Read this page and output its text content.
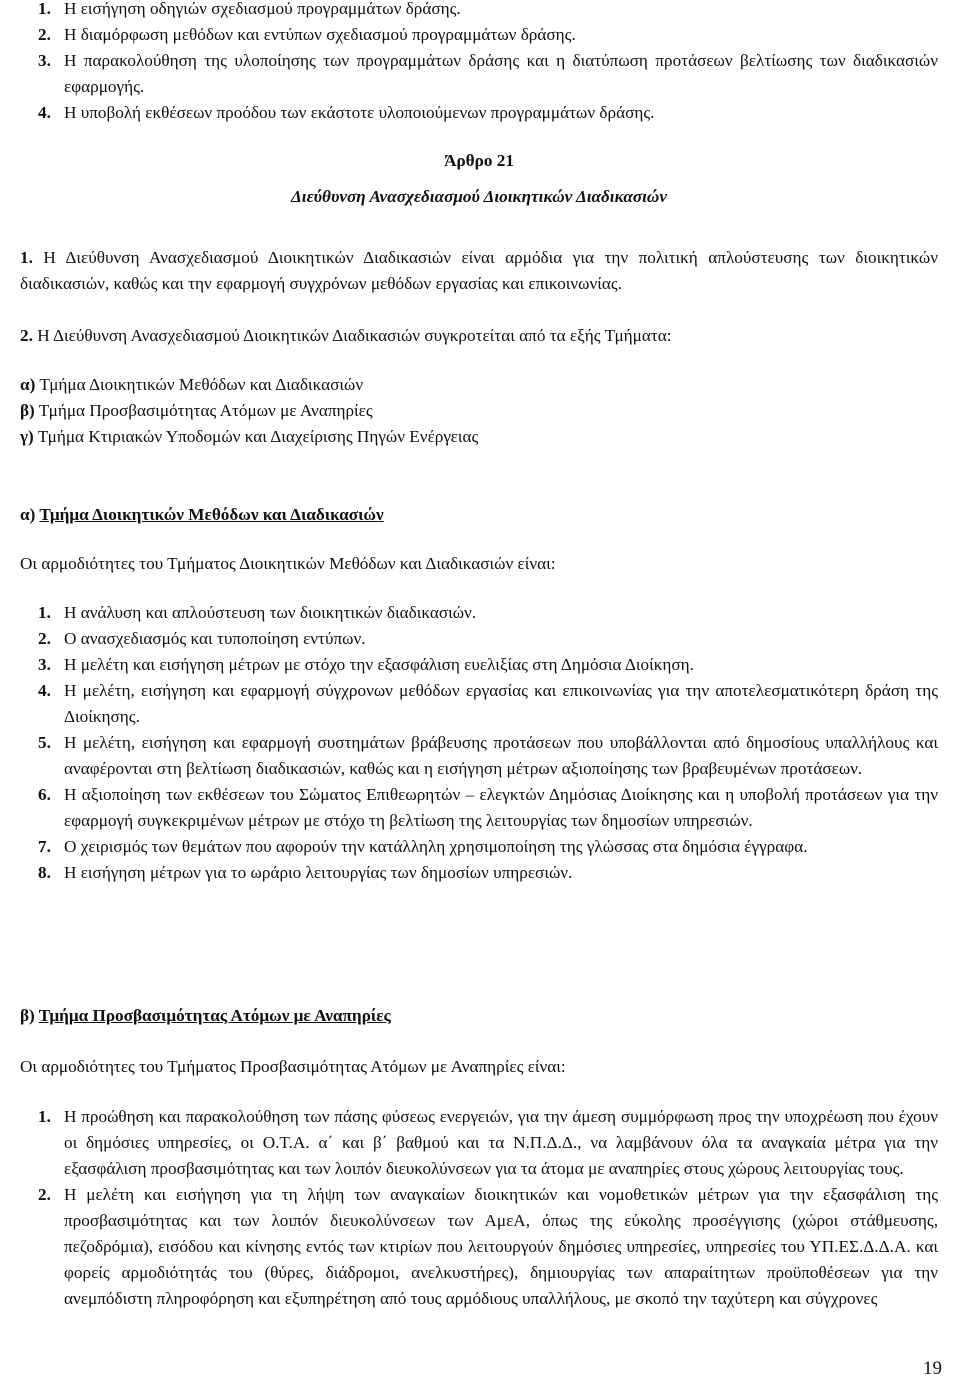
1. Η εισήγηση οδηγιών σχεδιασμού προγραμμάτων δράσης.
2. Η διαμόρφωση μεθόδων και εντύπων σχεδιασμού προγραμμάτων δράσης.
3. Η παρακολούθηση της υλοποίησης των προγραμμάτων δράσης και η διατύπωση προτάσεων βελτίωσης των διαδικασιών εφαρμογής.
4. Η υποβολή εκθέσεων προόδου των εκάστοτε υλοποιούμενων προγραμμάτων δράσης.
Άρθρο 21
Διεύθυνση Ανασχεδιασμού Διοικητικών Διαδικασιών
1. Η Διεύθυνση Ανασχεδιασμού Διοικητικών Διαδικασιών είναι αρμόδια για την πολιτική απλούστευσης των διοικητικών διαδικασιών, καθώς και την εφαρμογή συγχρόνων μεθόδων εργασίας και επικοινωνίας.
2. Η Διεύθυνση Ανασχεδιασμού Διοικητικών Διαδικασιών συγκροτείται από τα εξής Τμήματα:
α) Τμήμα Διοικητικών Μεθόδων και Διαδικασιών
β) Τμήμα Προσβασιμότητας Ατόμων με Αναπηρίες
γ) Τμήμα Κτιριακών Υποδομών και Διαχείρισης Πηγών Ενέργειας
α) Τμήμα Διοικητικών Μεθόδων και Διαδικασιών
Οι αρμοδιότητες του Τμήματος Διοικητικών Μεθόδων και Διαδικασιών είναι:
1. Η ανάλυση και απλούστευση των διοικητικών διαδικασιών.
2. Ο ανασχεδιασμός και τυποποίηση εντύπων.
3. Η μελέτη και εισήγηση μέτρων με στόχο την εξασφάλιση ευελιξίας στη Δημόσια Διοίκηση.
4. Η μελέτη, εισήγηση και εφαρμογή σύγχρονων μεθόδων εργασίας και επικοινωνίας για την αποτελεσματικότερη δράση της Διοίκησης.
5. Η μελέτη, εισήγηση και εφαρμογή συστημάτων βράβευσης προτάσεων που υποβάλλονται από δημοσίους υπαλλήλους και αναφέρονται στη βελτίωση διαδικασιών, καθώς και η εισήγηση μέτρων αξιοποίησης των βραβευμένων προτάσεων.
6. Η αξιοποίηση των εκθέσεων του Σώματος Επιθεωρητών – ελεγκτών Δημόσιας Διοίκησης και η υποβολή προτάσεων για την εφαρμογή συγκεκριμένων μέτρων με στόχο τη βελτίωση της λειτουργίας των δημοσίων υπηρεσιών.
7. Ο χειρισμός των θεμάτων που αφορούν την κατάλληλη χρησιμοποίηση της γλώσσας στα δημόσια έγγραφα.
8. Η εισήγηση μέτρων για το ωράριο λειτουργίας των δημοσίων υπηρεσιών.
β) Τμήμα Προσβασιμότητας Ατόμων με Αναπηρίες
Οι αρμοδιότητες του Τμήματος Προσβασιμότητας Ατόμων με Αναπηρίες είναι:
1. Η προώθηση και παρακολούθηση των πάσης φύσεως ενεργειών, για την άμεση συμμόρφωση προς την υποχρέωση που έχουν οι δημόσιες υπηρεσίες, οι Ο.Τ.Α. α΄ και β΄ βαθμού και τα Ν.Π.Δ.Δ., να λαμβάνουν όλα τα αναγκαία μέτρα για την εξασφάλιση προσβασιμότητας και των λοιπόν διευκολύνσεων για τα άτομα με αναπηρίες στους χώρους λειτουργίας τους.
2. Η μελέτη και εισήγηση για τη λήψη των αναγκαίων διοικητικών και νομοθετικών μέτρων για την εξασφάλιση της προσβασιμότητας και των λοιπόν διευκολύνσεων των ΑμεΑ, όπως της εύκολης προσέγγισης (χώροι στάθμευσης, πεζοδρόμια), εισόδου και κίνησης εντός των κτιρίων που λειτουργούν δημόσιες υπηρεσίες, υπηρεσίες του ΥΠ.ΕΣ.Δ.Δ.Α. και φορείς αρμοδιότητάς του (θύρες, διάδρομοι, ανελκυστήρες), δημιουργίας των απαραίτητων προϋποθέσεων για την ανεμπόδιστη πληροφόρηση και εξυπηρέτηση από τους αρμόδιους υπαλλήλους, με σκοπό την ταχύτερη και σύγχρονες
19
